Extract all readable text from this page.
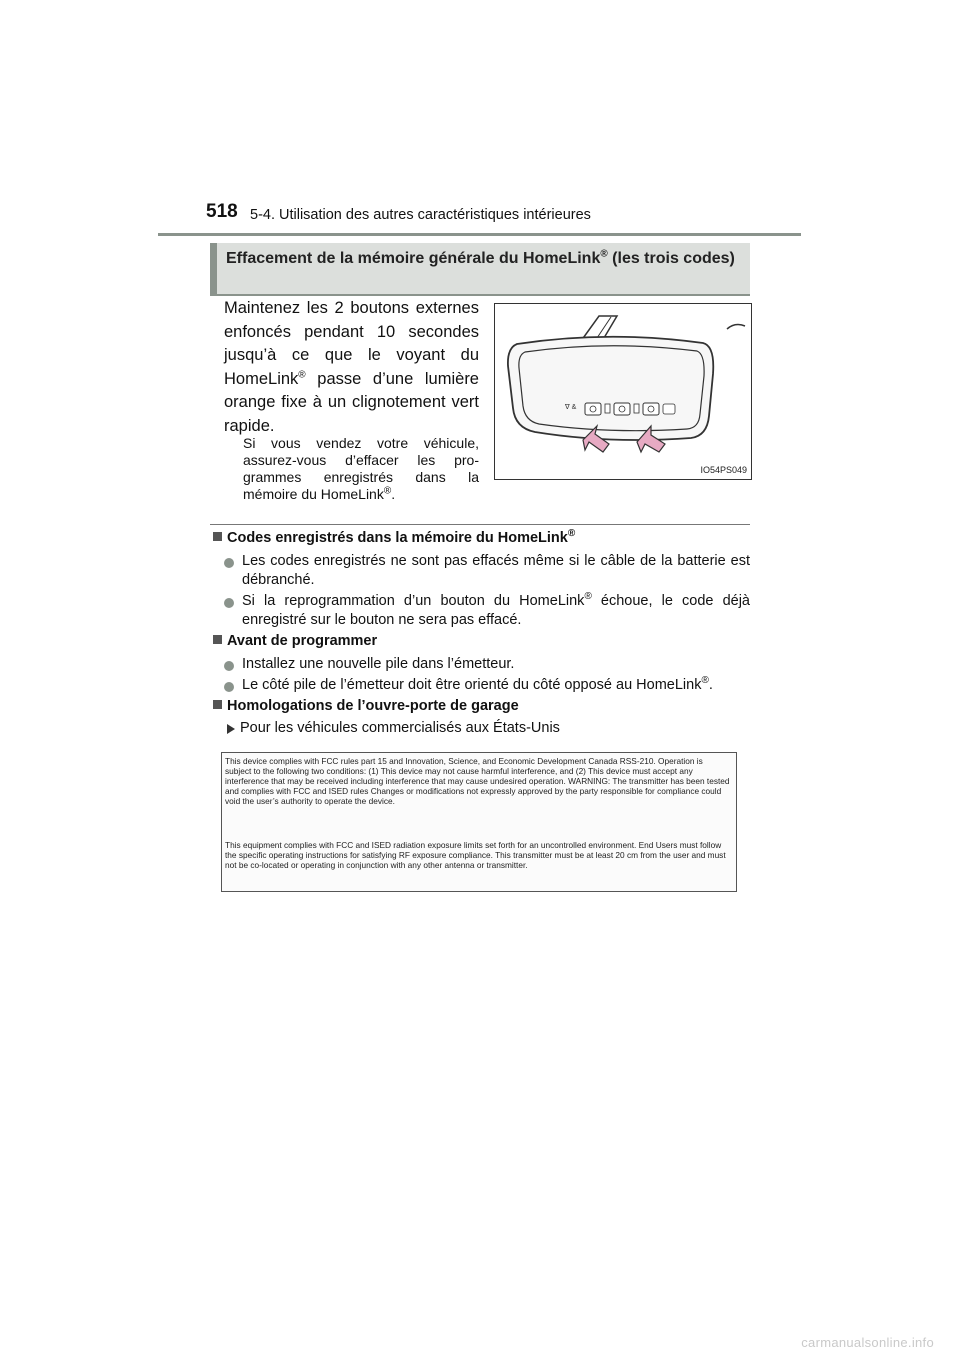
518 5-4. Utilisation des autres caractéristiques intérieures
Effacement de la mémoire générale du HomeLink® (les trois codes)
Maintenez les 2 boutons externes enfoncés pendant 10 secondes jusqu’à ce que le voyant du HomeLink® passe d’une lumière orange fixe à un clignotement vert rapide.
Si vous vendez votre véhicule, assurez-vous d’effacer les pro-grammes enregistrés dans la mémoire du HomeLink®.
∇ &
IO54PS049
Codes enregistrés dans la mémoire du HomeLink®
Les codes enregistrés ne sont pas effacés même si le câble de la batterie est débranché.
Si la reprogrammation d’un bouton du HomeLink® échoue, le code déjà enregistré sur le bouton ne sera pas effacé.
Avant de programmer
Installez une nouvelle pile dans l’émetteur.
Le côté pile de l’émetteur doit être orienté du côté opposé au HomeLink®.
Homologations de l’ouvre-porte de garage
Pour les véhicules commercialisés aux États-Unis
This device complies with FCC rules part 15 and Innovation, Science, and Economic Development Canada RSS-210. Operation is subject to the following two conditions: (1) This device may not cause harmful interference, and (2) This device must accept any interference that may be received including interference that may cause undesired operation. WARNING: The transmitter has been tested and complies with FCC and ISED rules Changes or modifications not expressly approved by the party responsible for compliance could void the user’s authority to operate the device.
This equipment complies with FCC and ISED radiation exposure limits set forth for an uncontrolled environment. End Users must follow the specific operating instructions for satisfying RF exposure compliance. This transmitter must be at least 20 cm from the user and must not be co-located or operating in conjunction with any other antenna or transmitter.
carmanualsonline.info
